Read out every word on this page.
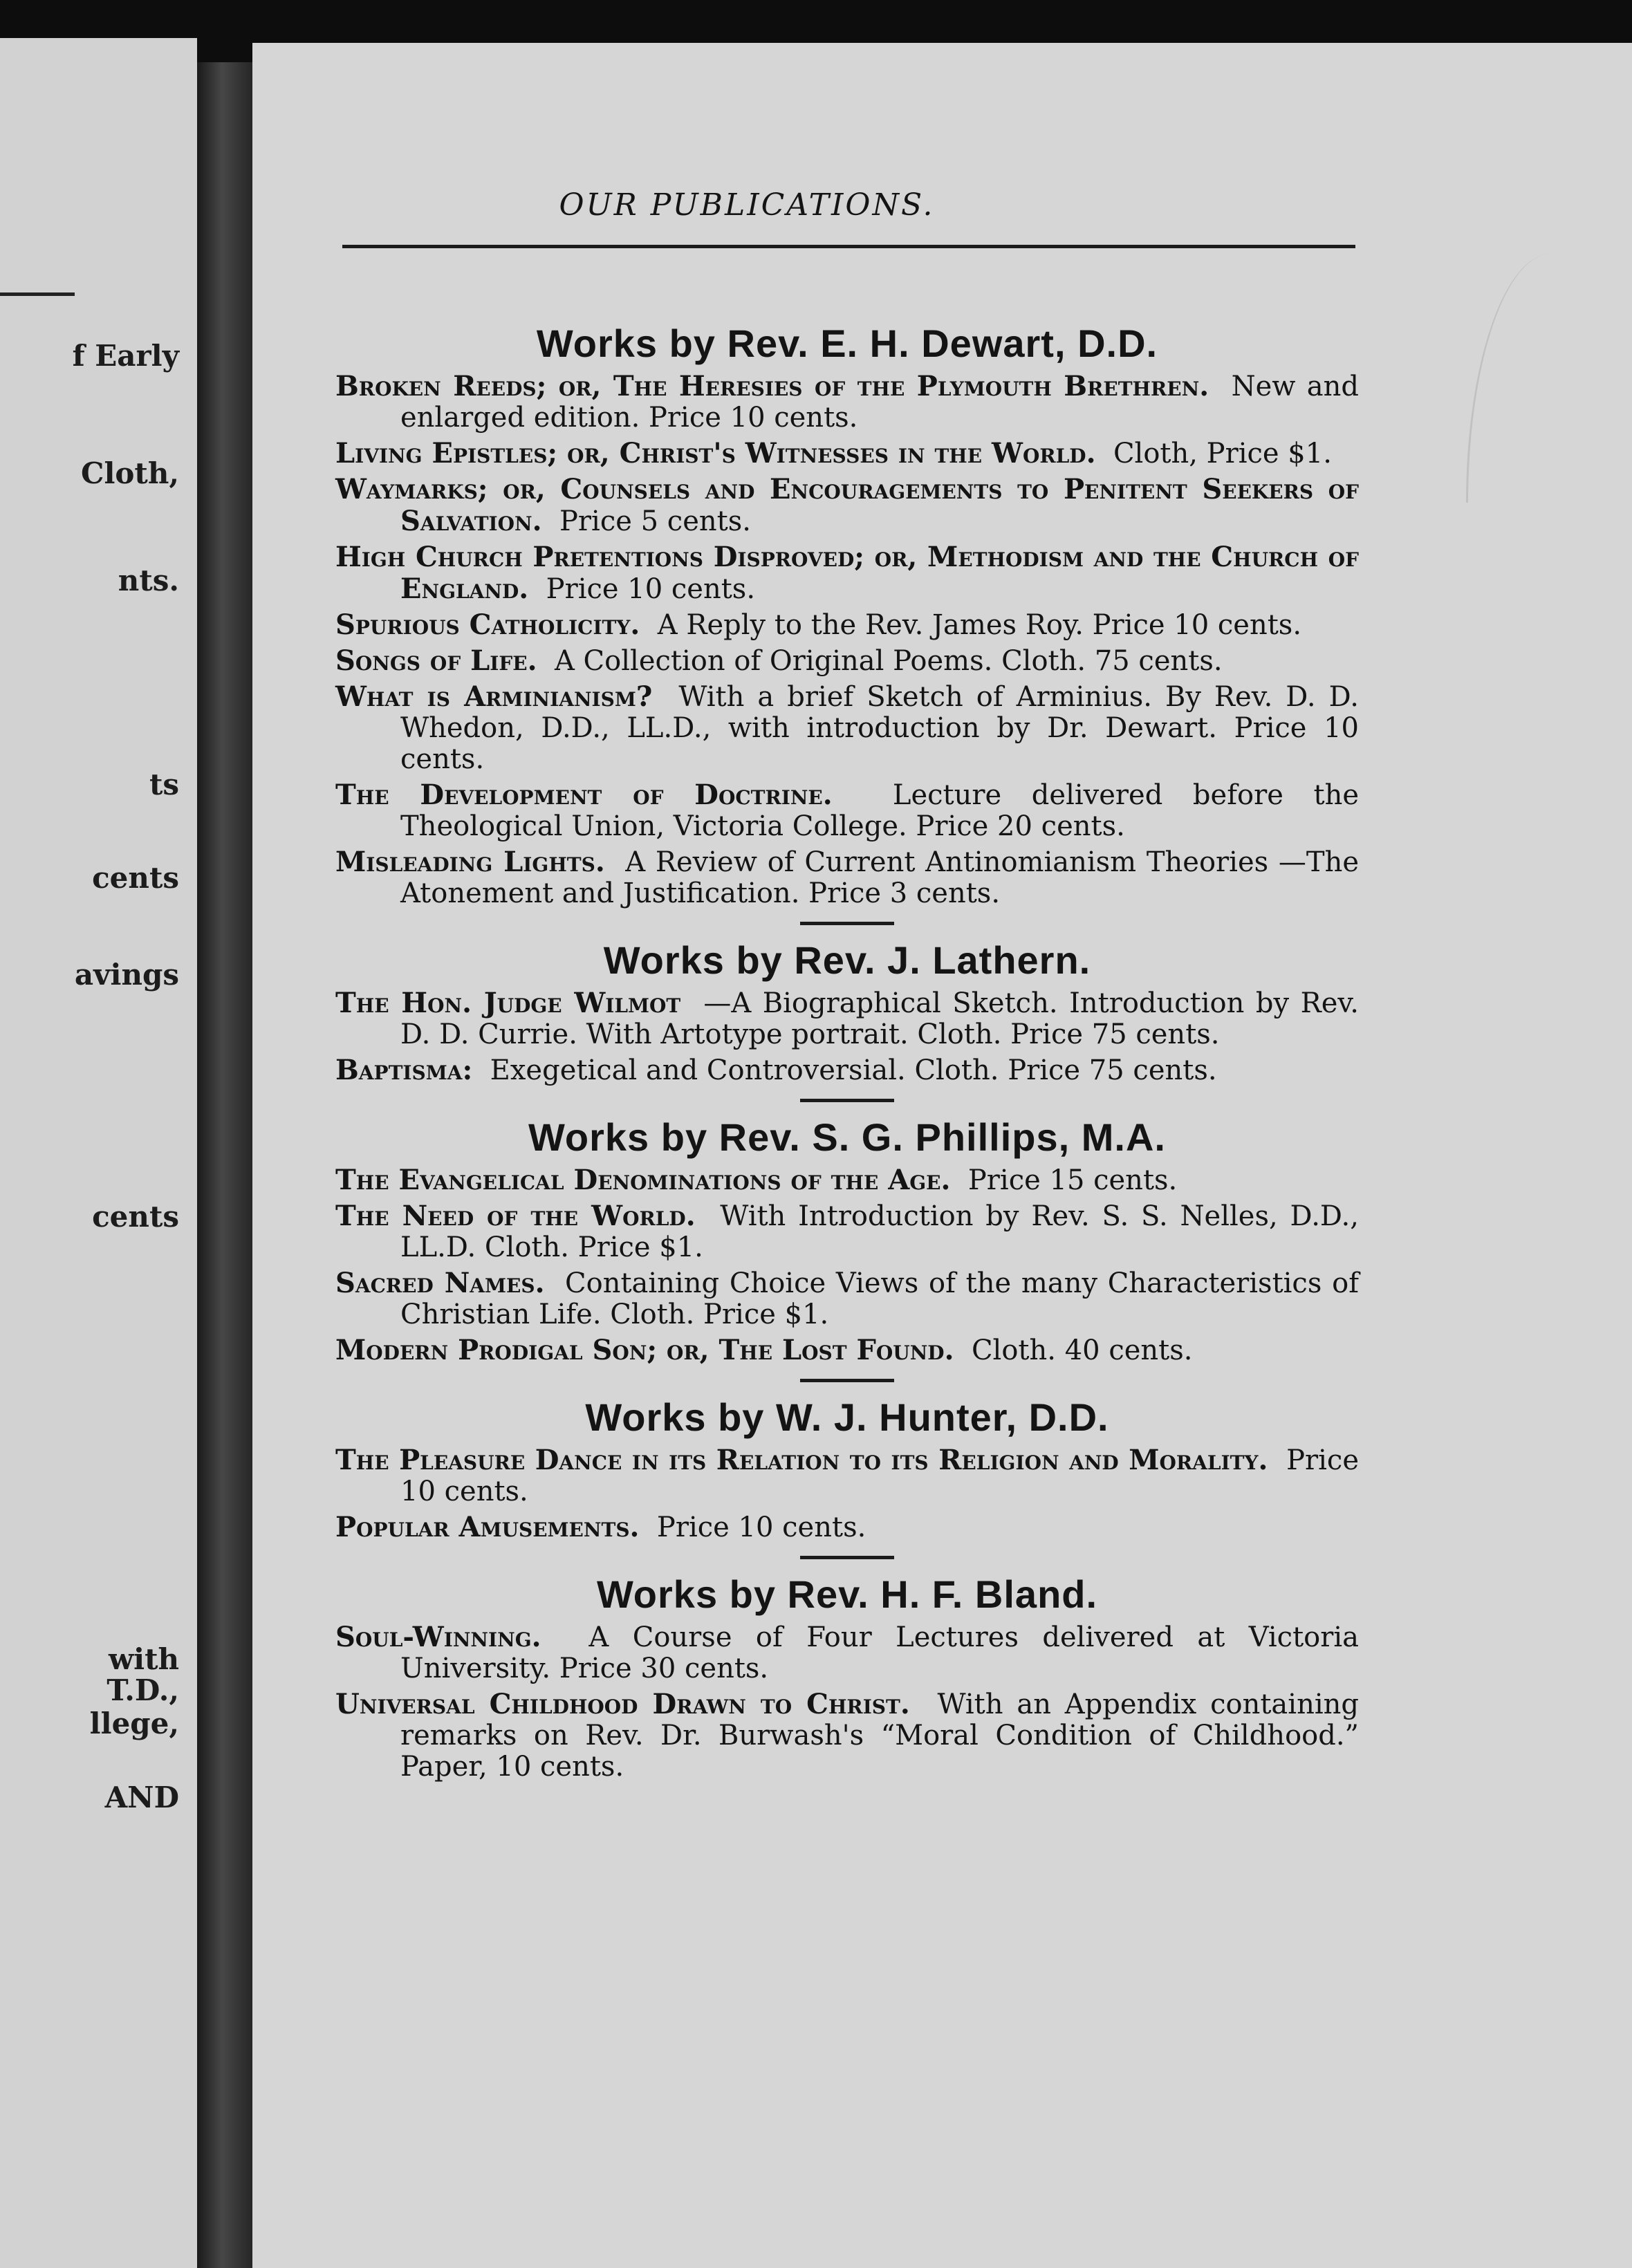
f Early

Cloth,

nts.

ts

cents

avings

cents

with

T.D.,

llege,

AND

OUR PUBLICATIONS.
Works by Rev. E. H. Dewart, D.D.

Broken Reeds; or, The Heresies of the Plymouth Brethren. New and enlarged edition. Price 10 cents.

Living Epistles; or, Christ's Witnesses in the World. Cloth, Price $1.

Waymarks; or, Counsels and Encouragements to Penitent Seekers of Salvation. Price 5 cents.

High Church Pretentions Disproved; or, Methodism and the Church of England. Price 10 cents.

Spurious Catholicity. A Reply to the Rev. James Roy. Price 10 cents.

Songs of Life. A Collection of Original Poems. Cloth. 75 cents.

What is Arminianism? With a brief Sketch of Arminius. By Rev. D. D. Whedon, D.D., LL.D., with introduction by Dr. Dewart. Price 10 cents.

The Development of Doctrine. Lecture delivered before the Theological Union, Victoria College. Price 20 cents.

Misleading Lights. A Review of Current Antinomianism Theories —The Atonement and Justification. Price 3 cents.

Works by Rev. J. Lathern.

The Hon. Judge Wilmot —A Biographical Sketch. Introduction by Rev. D. D. Currie. With Artotype portrait. Cloth. Price 75 cents.

Baptisma: Exegetical and Controversial. Cloth. Price 75 cents.

Works by Rev. S. G. Phillips, M.A.

The Evangelical Denominations of the Age. Price 15 cents.

The Need of the World. With Introduction by Rev. S. S. Nelles, D.D., LL.D. Cloth. Price $1.

Sacred Names. Containing Choice Views of the many Characteristics of Christian Life. Cloth. Price $1.

Modern Prodigal Son; or, The Lost Found. Cloth. 40 cents.

Works by W. J. Hunter, D.D.

The Pleasure Dance in its Relation to its Religion and Morality. Price 10 cents.

Popular Amusements. Price 10 cents.

Works by Rev. H. F. Bland.

Soul-Winning. A Course of Four Lectures delivered at Victoria University. Price 30 cents.

Universal Childhood Drawn to Christ. With an Appendix containing remarks on Rev. Dr. Burwash's “Moral Condition of Childhood.” Paper, 10 cents.
